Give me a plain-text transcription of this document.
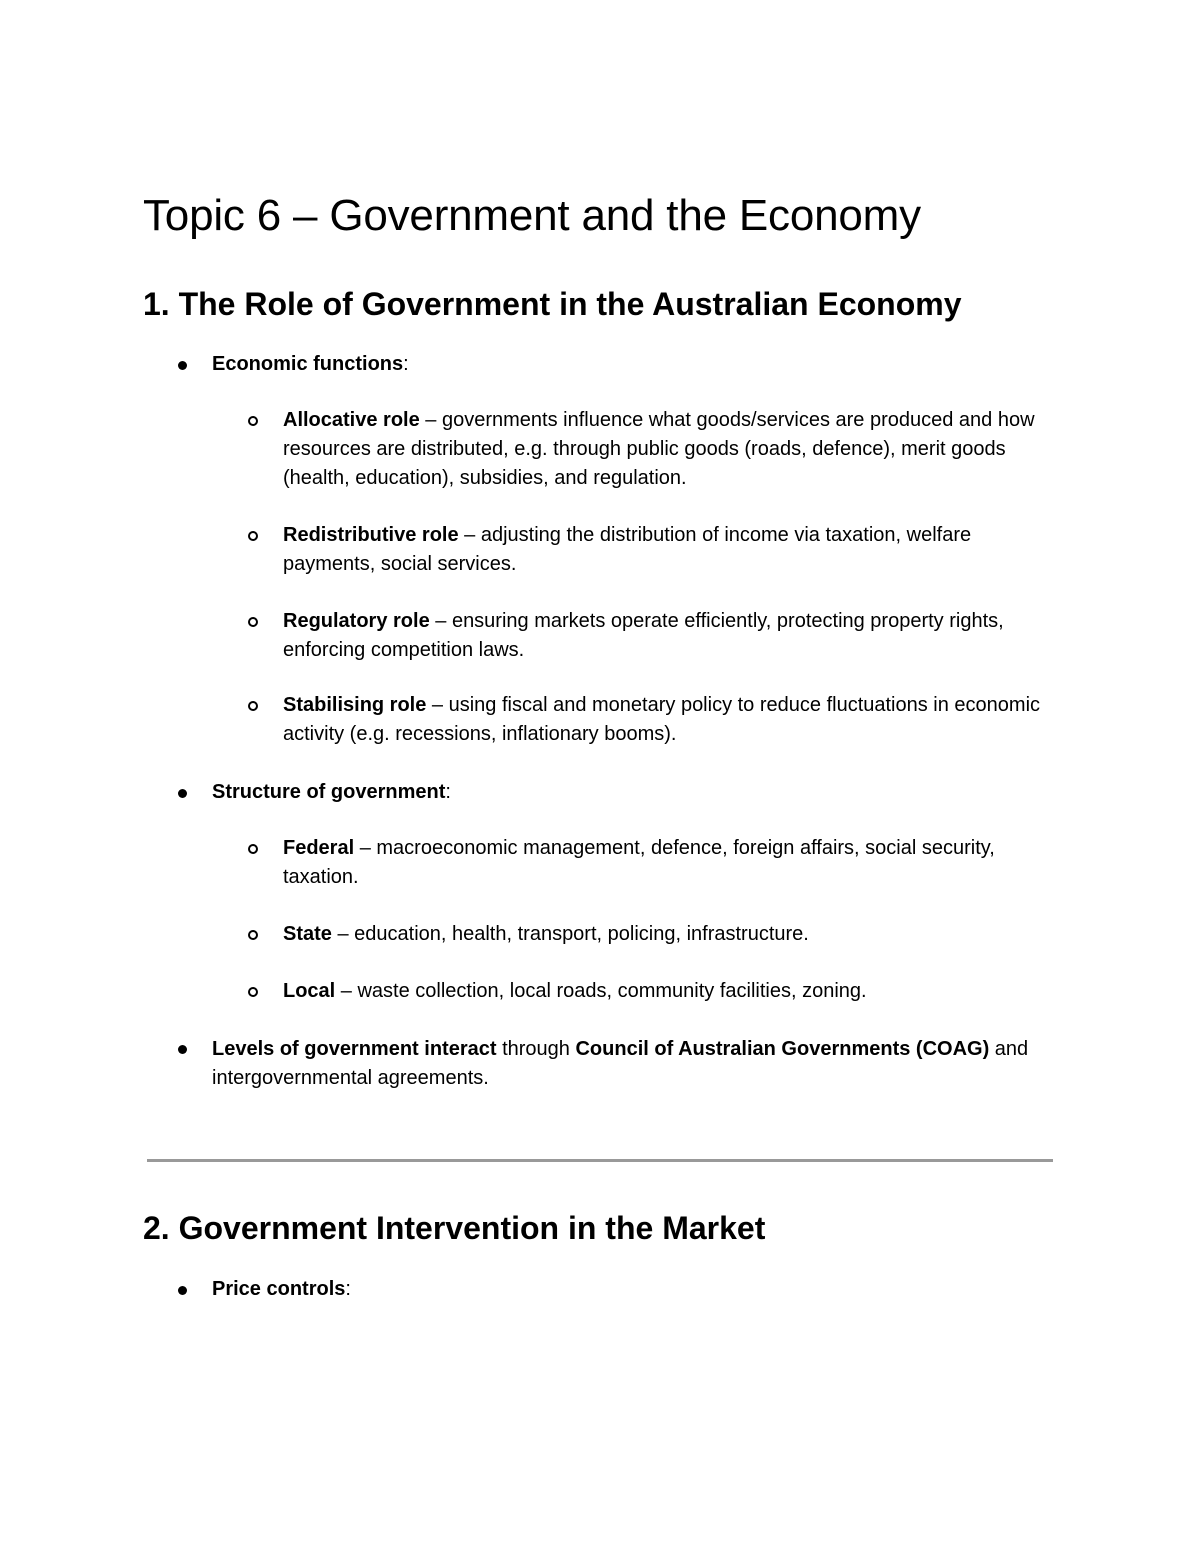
Topic 6 – Government and the Economy
1. The Role of Government in the Australian Economy
Economic functions:
Allocative role – governments influence what goods/services are produced and how resources are distributed, e.g. through public goods (roads, defence), merit goods (health, education), subsidies, and regulation.
Redistributive role – adjusting the distribution of income via taxation, welfare payments, social services.
Regulatory role – ensuring markets operate efficiently, protecting property rights, enforcing competition laws.
Stabilising role – using fiscal and monetary policy to reduce fluctuations in economic activity (e.g. recessions, inflationary booms).
Structure of government:
Federal – macroeconomic management, defence, foreign affairs, social security, taxation.
State – education, health, transport, policing, infrastructure.
Local – waste collection, local roads, community facilities, zoning.
Levels of government interact through Council of Australian Governments (COAG) and intergovernmental agreements.
2. Government Intervention in the Market
Price controls:
